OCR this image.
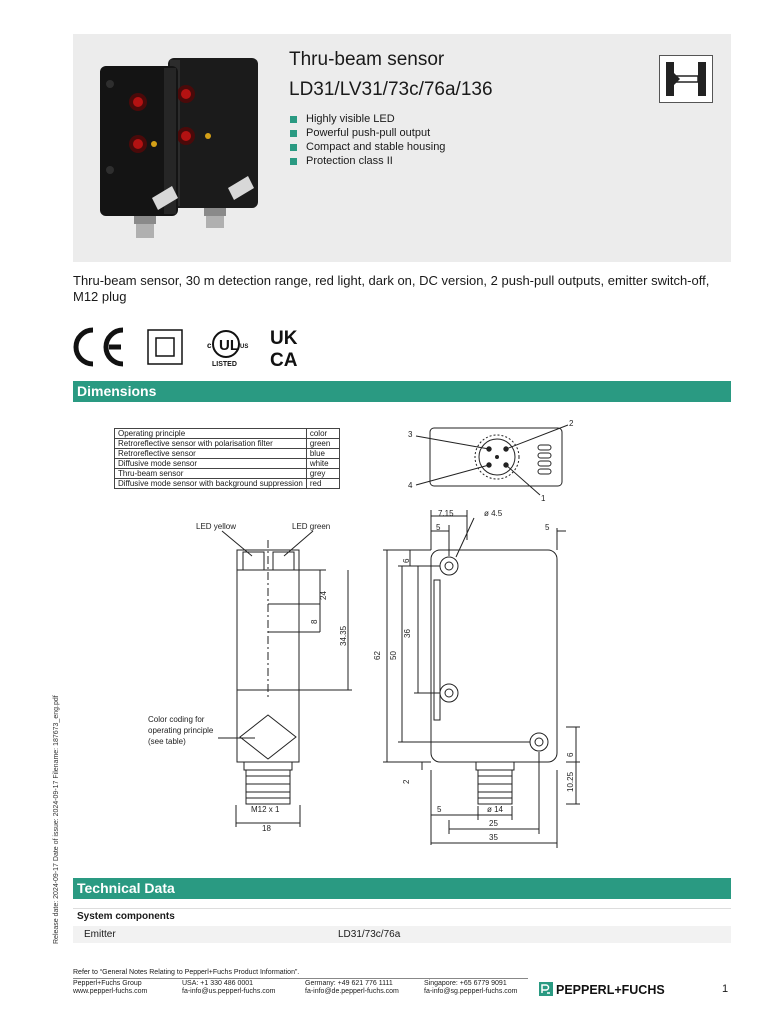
Thru-beam sensor
LD31/LV31/73c/76a/136
Highly visible LED
Powerful push-pull output
Compact and stable housing
Protection class II
Thru-beam sensor, 30 m detection range, red light, dark on, DC version, 2 push-pull outputs, emitter switch-off, M12 plug
UL
c	US
LISTED
UK
CA
Dimensions
Operating principle	color
Retroreflective sensor with polarisation filter	green
Retroreflective sensor	blue
Diffusive mode sensor	white
Thru-beam sensor	grey
Diffusive mode sensor with background suppression	red
1
2
3
4
LED yellow	LED green
Color coding for
operating principle
(see table)
M12 x 1
18
24
8
34.35
7.15	ø 4.5
5	5
6
62 50
36
6
10.25
2
5	ø 14
25
35
Release date: 2024-09-17 Date of issue: 2024-09-17 Filename: 187673_eng.pdf Technical Data
System components
Emitter	LD31/73c/76a
Refer to “General Notes Relating to Pepperl+Fuchs Product Information”.
Pepperl+Fuchs Group
www.pepperl-fuchs.com
USA: +1 330 486 0001
fa-info@us.pepperl-fuchs.com
Germany: +49 621 776 1111
fa-info@de.pepperl-fuchs.com
Singapore: +65 6779 9091
fa-info@sg.pepperl-fuchs.com	PEPPERL+FUCHS	1
